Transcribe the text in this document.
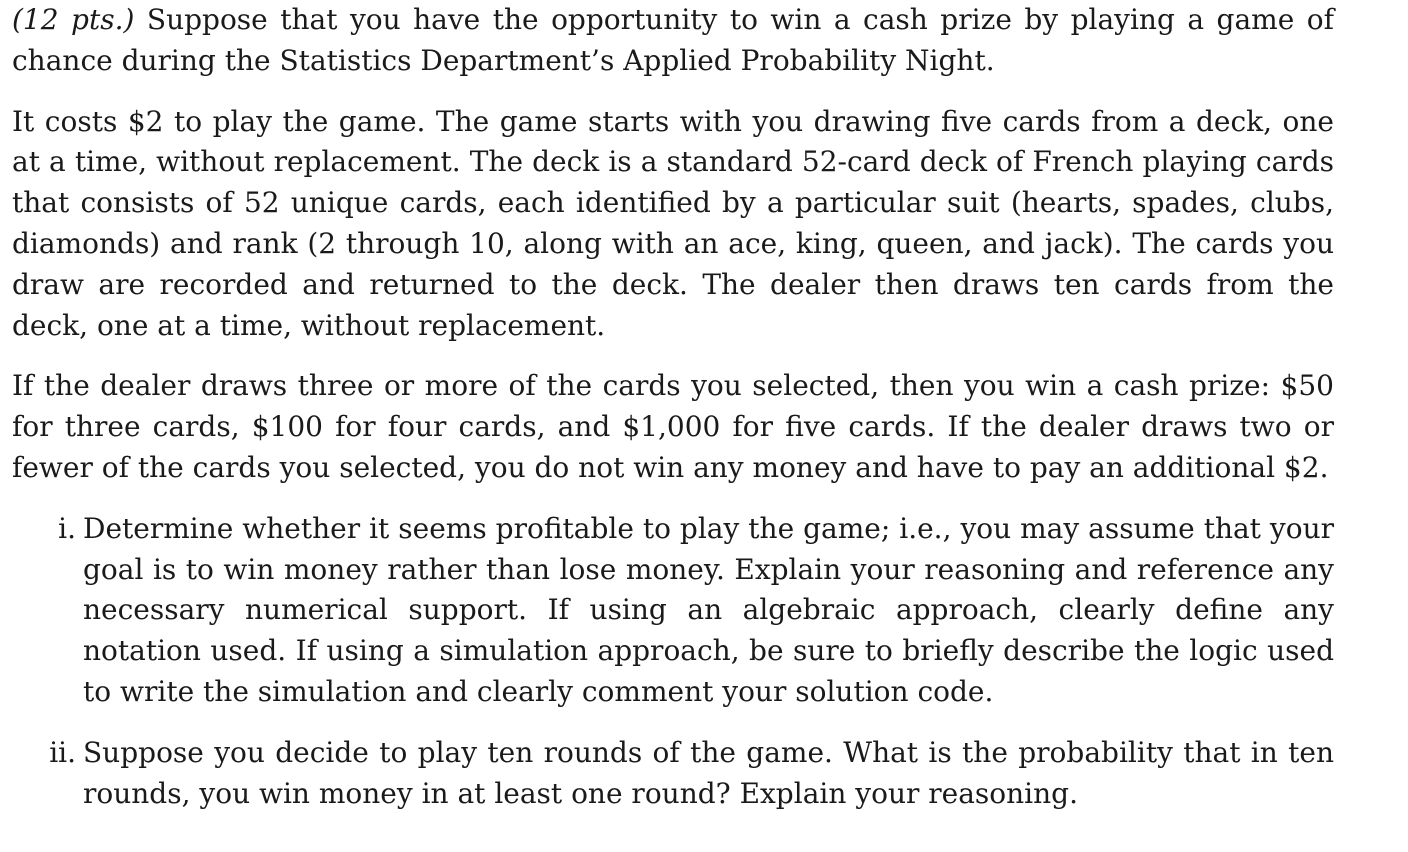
(12 pts.) Suppose that you have the opportunity to win a cash prize by playing a game of chance during the Statistics Department’s Applied Probability Night.

It costs $2 to play the game. The game starts with you drawing five cards from a deck, one at a time, without replacement. The deck is a standard 52-card deck of French playing cards that consists of 52 unique cards, each identified by a particular suit (hearts, spades, clubs, diamonds) and rank (2 through 10, along with an ace, king, queen, and jack). The cards you draw are recorded and returned to the deck. The dealer then draws ten cards from the deck, one at a time, without replacement.

If the dealer draws three or more of the cards you selected, then you win a cash prize: $50 for three cards, $100 for four cards, and $1,000 for five cards. If the dealer draws two or fewer of the cards you selected, you do not win any money and have to pay an additional $2.

i. Determine whether it seems profitable to play the game; i.e., you may assume that your goal is to win money rather than lose money. Explain your reasoning and reference any necessary numerical support. If using an algebraic approach, clearly define any notation used. If using a simulation approach, be sure to briefly describe the logic used to write the simulation and clearly comment your solution code.
ii. Suppose you decide to play ten rounds of the game. What is the probability that in ten rounds, you win money in at least one round? Explain your reasoning.
